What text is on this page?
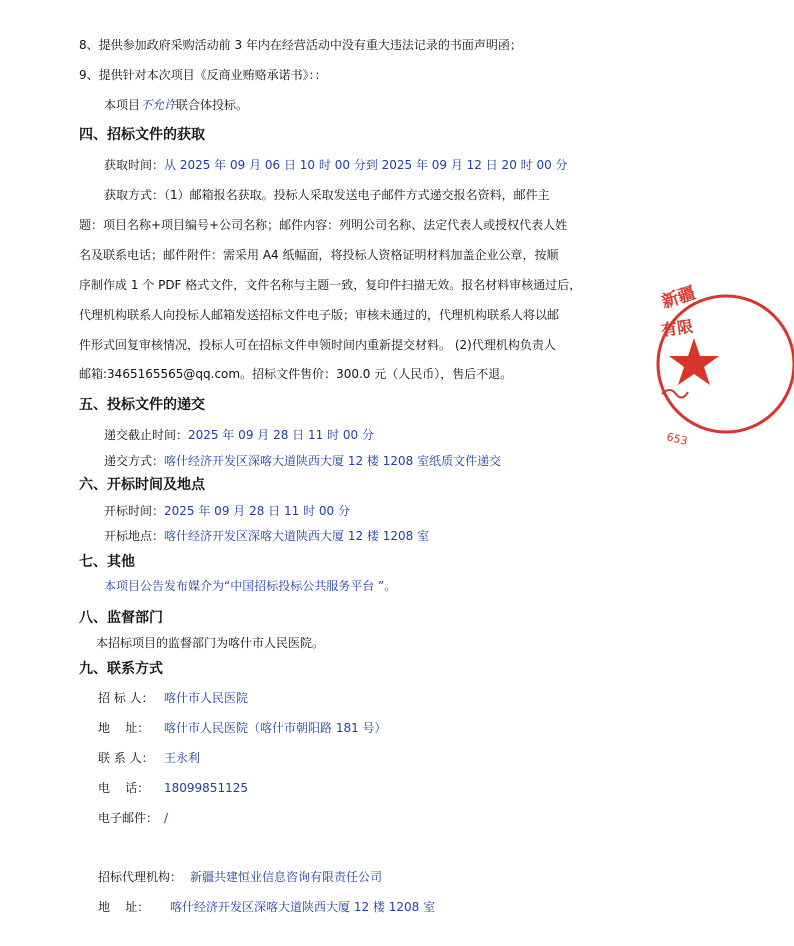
8、提供参加政府采购活动前 3 年内在经营活动中没有重大违法记录的书面声明函；
9、提供针对本次项目《反商业贿赂承诺书》：：
本项目不允许联合体投标。
四、招标文件的获取
获取时间：从 2025 年 09 月 06 日 10 时 00 分到 2025 年 09 月 12 日 20 时 00 分
获取方式：（1）邮箱报名获取。投标人采取发送电子邮件方式递交报名资料，邮件主
题：项目名称+项目编号+公司名称；邮件内容：列明公司名称、法定代表人或授权代表人姓
名及联系电话；邮件附件：需采用 A4 纸幅面，将投标人资格证明材料加盖企业公章，按顺
序制作成 1 个 PDF 格式文件，文件名称与主题一致，复印件扫描无效。报名材料审核通过后，
代理机构联系人向投标人邮箱发送招标文件电子版；审核未通过的，代理机构联系人将以邮
件形式回复审核情况，投标人可在招标文件申领时间内重新提交材料。 (2)代理机构负责人
邮箱:3465165565@qq.com。招标文件售价：300.0 元（人民币），售后不退。
五、投标文件的递交
递交截止时间：2025 年 09 月 28 日 11 时 00 分
递交方式：喀什经济开发区深喀大道陕西大厦 12 楼 1208 室纸质文件递交
六、开标时间及地点
开标时间：2025 年 09 月 28 日 11 时 00 分
开标地点：喀什经济开发区深喀大道陕西大厦 12 楼 1208 室
七、其他
本项目公告发布媒介为“中国招标投标公共服务平台 ”。
八、监督部门
本招标项目的监督部门为喀什市人民医院。
九、联系方式
招 标 人： 喀什市人民医院
地    址： 喀什市人民医院（喀什市朝阳路 181 号）
联 系 人： 王永利
电    话： 18099851125
电子邮件： /
招标代理机构： 新疆共建恒业信息咨询有限责任公司
地    址： 喀什经济开发区深喀大道陕西大厦 12 楼 1208 室
新疆
有限
653
